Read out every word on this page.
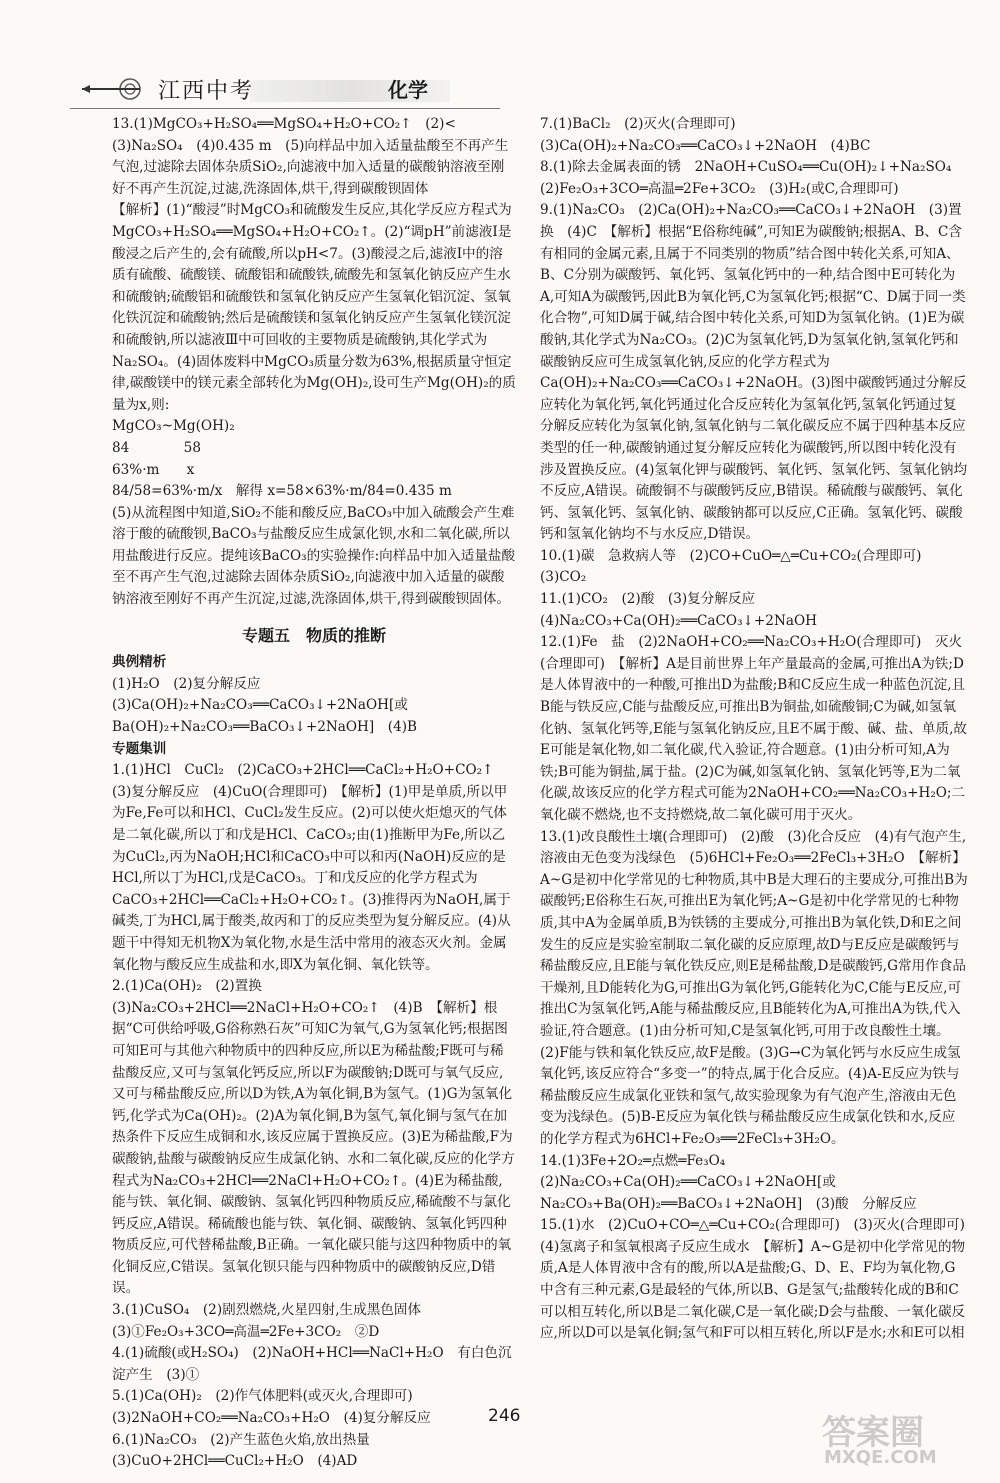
江西中考	化学

13.(1)MgCO₃+H₂SO₄══MgSO₄+H₂O+CO₂↑　(2)<

(3)Na₂SO₄　(4)0.435 m　(5)向样品中加入适量盐酸至不再产生气泡,过滤除去固体杂质SiO₂,向滤液中加入适量的碳酸钠溶液至刚好不再产生沉淀,过滤,洗涤固体,烘干,得到碳酸钡固体

【解析】(1)“酸浸”时MgCO₃和硫酸发生反应,其化学反应方程式为MgCO₃+H₂SO₄══MgSO₄+H₂O+CO₂↑。(2)“调pH”前滤液Ⅰ是酸浸之后产生的,会有硫酸,所以pH<7。(3)酸浸之后,滤液Ⅰ中的溶质有硫酸、硫酸镁、硫酸铝和硫酸铁,硫酸先和氢氧化钠反应产生水和硫酸钠;硫酸铝和硫酸铁和氢氧化钠反应产生氢氧化铝沉淀、氢氧化铁沉淀和硫酸钠;然后是硫酸镁和氢氧化钠反应产生氢氧化镁沉淀和硫酸钠,所以滤液Ⅲ中可回收的主要物质是硫酸钠,其化学式为Na₂SO₄。(4)固体废料中MgCO₃质量分数为63%,根据质量守恒定律,碳酸镁中的镁元素全部转化为Mg(OH)₂,设可生产Mg(OH)₂的质量为x,则:

MgCO₃~Mg(OH)₂

84　　　　58

63%·m　　x

84/58=63%·m/x　解得 x=58×63%·m/84=0.435 m

(5)从流程图中知道,SiO₂不能和酸反应,BaCO₃中加入硫酸会产生难溶于酸的硫酸钡,BaCO₃与盐酸反应生成氯化钡,水和二氧化碳,所以用盐酸进行反应。提纯该BaCO₃的实验操作:向样品中加入适量盐酸至不再产生气泡,过滤除去固体杂质SiO₂,向滤液中加入适量的碳酸钠溶液至刚好不再产生沉淀,过滤,洗涤固体,烘干,得到碳酸钡固体。

专题五　物质的推断
典例精析

(1)H₂O　(2)复分解反应　(3)Ca(OH)₂+Na₂CO₃══CaCO₃↓+2NaOH[或Ba(OH)₂+Na₂CO₃══BaCO₃↓+2NaOH]　(4)B

专题集训

1.(1)HCl　CuCl₂　(2)CaCO₃+2HCl══CaCl₂+H₂O+CO₂↑　(3)复分解反应　(4)CuO(合理即可)　【解析】(1)甲是单质,所以甲为Fe,Fe可以和HCl、CuCl₂发生反应。(2)可以使火炬熄灭的气体是二氧化碳,所以丁和戊是HCl、CaCO₃;由(1)推断甲为Fe,所以乙为CuCl₂,丙为NaOH;HCl和CaCO₃中可以和丙(NaOH)反应的是HCl,所以丁为HCl,戊是CaCO₃。丁和戊反应的化学方程式为CaCO₃+2HCl══CaCl₂+H₂O+CO₂↑。(3)推得丙为NaOH,属于碱类,丁为HCl,属于酸类,故丙和丁的反应类型为复分解反应。(4)从题干中得知无机物X为氧化物,水是生活中常用的液态灭火剂。金属氧化物与酸反应生成盐和水,即X为氧化铜、氧化铁等。

2.(1)Ca(OH)₂　(2)置换　(3)Na₂CO₃+2HCl══2NaCl+H₂O+CO₂↑　(4)B　【解析】根据“C可供给呼吸,G俗称熟石灰”可知C为氧气,G为氢氧化钙;根据图可知E可与其他六种物质中的四种反应,所以E为稀盐酸;F既可与稀盐酸反应,又可与氢氧化钙反应,所以F为碳酸钠;D既可与氧气反应,又可与稀盐酸反应,所以D为铁,A为氧化铜,B为氢气。(1)G为氢氧化钙,化学式为Ca(OH)₂。(2)A为氧化铜,B为氢气,氧化铜与氢气在加热条件下反应生成铜和水,该反应属于置换反应。(3)E为稀盐酸,F为碳酸钠,盐酸与碳酸钠反应生成氯化钠、水和二氧化碳,反应的化学方程式为Na₂CO₃+2HCl══2NaCl+H₂O+CO₂↑。(4)E为稀盐酸,能与铁、氧化铜、碳酸钠、氢氧化钙四种物质反应,稀硫酸不与氯化钙反应,A错误。稀硫酸也能与铁、氧化铜、碳酸钠、氢氧化钙四种物质反应,可代替稀盐酸,B正确。一氧化碳只能与这四种物质中的氧化铜反应,C错误。氢氧化钡只能与四种物质中的碳酸钠反应,D错误。

3.(1)CuSO₄　(2)剧烈燃烧,火星四射,生成黑色固体　(3)①Fe₂O₃+3CO═高温═2Fe+3CO₂　②D

4.(1)硫酸(或H₂SO₄)　(2)NaOH+HCl══NaCl+H₂O　有白色沉淀产生　(3)①

5.(1)Ca(OH)₂　(2)作气体肥料(或灭火,合理即可)　(3)2NaOH+CO₂══Na₂CO₃+H₂O　(4)复分解反应

6.(1)Na₂CO₃　(2)产生蓝色火焰,放出热量　(3)CuO+2HCl══CuCl₂+H₂O　(4)AD

7.(1)BaCl₂　(2)灭火(合理即可)　(3)Ca(OH)₂+Na₂CO₃══CaCO₃↓+2NaOH　(4)BC

8.(1)除去金属表面的锈　2NaOH+CuSO₄══Cu(OH)₂↓+Na₂SO₄　(2)Fe₂O₃+3CO═高温═2Fe+3CO₂　(3)H₂(或C,合理即可)

9.(1)Na₂CO₃　(2)Ca(OH)₂+Na₂CO₃══CaCO₃↓+2NaOH　(3)置换　(4)C　【解析】根据“E俗称纯碱”,可知E为碳酸钠;根据A、B、C含有相同的金属元素,且属于不同类别的物质”结合图中转化关系,可知A、B、C分别为碳酸钙、氧化钙、氢氧化钙中的一种,结合图中E可转化为A,可知A为碳酸钙,因此B为氧化钙,C为氢氧化钙;根据“C、D属于同一类化合物”,可知D属于碱,结合图中转化关系,可知D为氢氧化钠。(1)E为碳酸钠,其化学式为Na₂CO₃。(2)C为氢氧化钙,D为氢氧化钠,氢氧化钙和碳酸钠反应可生成氢氧化钠,反应的化学方程式为Ca(OH)₂+Na₂CO₃══CaCO₃↓+2NaOH。(3)图中碳酸钙通过分解反应转化为氧化钙,氧化钙通过化合反应转化为氢氧化钙,氢氧化钙通过复分解反应转化为氢氧化钠,氢氧化钠与二氧化碳反应不属于四种基本反应类型的任一种,碳酸钠通过复分解反应转化为碳酸钙,所以图中转化没有涉及置换反应。(4)氢氧化钾与碳酸钙、氧化钙、氢氧化钙、氢氧化钠均不反应,A错误。硫酸铜不与碳酸钙反应,B错误。稀硫酸与碳酸钙、氧化钙、氢氧化钙、氢氧化钠、碳酸钠都可以反应,C正确。氢氧化钙、碳酸钙和氢氧化钠均不与水反应,D错误。

10.(1)碳　急救病人等　(2)CO+CuO═△═Cu+CO₂(合理即可)　(3)CO₂

11.(1)CO₂　(2)酸　(3)复分解反应　(4)Na₂CO₃+Ca(OH)₂══CaCO₃↓+2NaOH

12.(1)Fe　盐　(2)2NaOH+CO₂══Na₂CO₃+H₂O(合理即可)　灭火(合理即可)　【解析】A是目前世界上年产量最高的金属,可推出A为铁;D是人体胃液中的一种酸,可推出D为盐酸;B和C反应生成一种蓝色沉淀,且B能与铁反应,C能与盐酸反应,可推出B为铜盐,如硫酸铜;C为碱,如氢氧化钠、氢氧化钙等,E能与氢氧化钠反应,且E不属于酸、碱、盐、单质,故E可能是氧化物,如二氧化碳,代入验证,符合题意。(1)由分析可知,A为铁;B可能为铜盐,属于盐。(2)C为碱,如氢氧化钠、氢氧化钙等,E为二氧化碳,故该反应的化学方程式可能为2NaOH+CO₂══Na₂CO₃+H₂O;二氧化碳不燃烧,也不支持燃烧,故二氧化碳可用于灭火。

13.(1)改良酸性土壤(合理即可)　(2)酸　(3)化合反应　(4)有气泡产生,溶液由无色变为浅绿色　(5)6HCl+Fe₂O₃══2FeCl₃+3H₂O　【解析】A~G是初中化学常见的七种物质,其中B是大理石的主要成分,可推出B为碳酸钙;E俗称生石灰,可推出E为氧化钙;A~G是初中化学常见的七种物质,其中A为金属单质,B为铁锈的主要成分,可推出B为氧化铁,D和E之间发生的反应是实验室制取二氧化碳的反应原理,故D与E反应是碳酸钙与稀盐酸反应,且E能与氧化铁反应,则E是稀盐酸,D是碳酸钙,G常用作食品干燥剂,且D能转化为G,可推出G为氧化钙,G能转化为C,C能与E反应,可推出C为氢氧化钙,A能与稀盐酸反应,且B能转化为A,可推出A为铁,代入验证,符合题意。(1)由分析可知,C是氢氧化钙,可用于改良酸性土壤。(2)F能与铁和氧化铁反应,故F是酸。(3)G→C为氧化钙与水反应生成氢氧化钙,该反应符合“多变一”的特点,属于化合反应。(4)A-E反应为铁与稀盐酸反应生成氯化亚铁和氢气,故实验现象为有气泡产生,溶液由无色变为浅绿色。(5)B-E反应为氧化铁与稀盐酸反应生成氯化铁和水,反应的化学方程式为6HCl+Fe₂O₃══2FeCl₃+3H₂O。

14.(1)3Fe+2O₂═点燃═Fe₃O₄　(2)Na₂CO₃+Ca(OH)₂══CaCO₃↓+2NaOH[或Na₂CO₃+Ba(OH)₂══BaCO₃↓+2NaOH]　(3)酸　分解反应

15.(1)水　(2)CuO+CO═△═Cu+CO₂(合理即可)　(3)灭火(合理即可)　(4)氢离子和氢氧根离子反应生成水　【解析】A~G是初中化学常见的物质,A是人体胃液中含有的酸,所以A是盐酸;G、D、E、F均为氧化物,G中含有三种元素,G是最轻的气体,所以B、G是氢气;盐酸转化成的B和C可以相互转化,所以B是二氧化碳,C是一氧化碳;D会与盐酸、一氧化碳反应,所以D可以是氧化铜;氢气和F可以相互转化,所以F是水;水和E可以相

246	答案圈
MXQE.COM
